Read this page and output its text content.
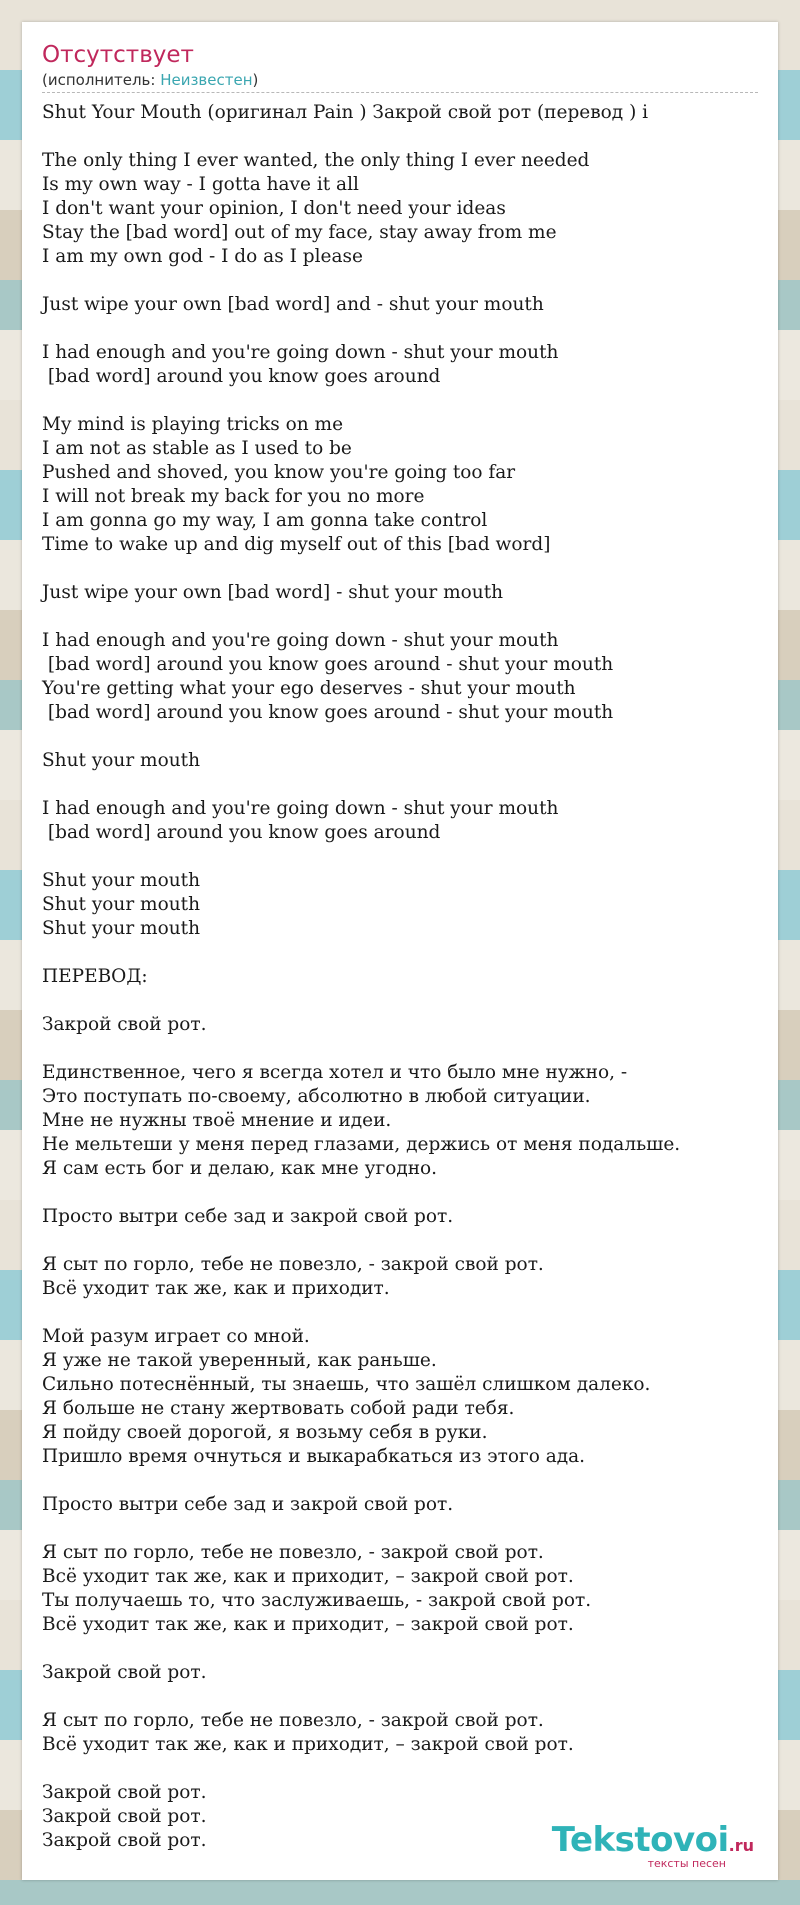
Отсутствует
(исполнитель: Неизвестен)
Shut Your Mouth (оригинал Pain ) Закрой свой рот (перевод ) i

The only thing I ever wanted, the only thing I ever needed
Is my own way - I gotta have it all
I don't want your opinion, I don't need your ideas
Stay the [bad word] out of my face, stay away from me
I am my own god - I do as I please

Just wipe your own [bad word] and - shut your mouth

I had enough and you're going down - shut your mouth
[bad word] around you know goes around

My mind is playing tricks on me
I am not as stable as I used to be
Pushed and shoved, you know you're going too far
I will not break my back for you no more
I am gonna go my way, I am gonna take control
Time to wake up and dig myself out of this [bad word]

Just wipe your own [bad word] - shut your mouth

I had enough and you're going down - shut your mouth
[bad word] around you know goes around - shut your mouth
You're getting what your ego deserves - shut your mouth
[bad word] around you know goes around - shut your mouth

Shut your mouth

I had enough and you're going down - shut your mouth
[bad word] around you know goes around

Shut your mouth
Shut your mouth
Shut your mouth

ПЕРЕВОД:

Закрой свой рот.

Единственное, чего я всегда хотел и что было мне нужно, -
Это поступать по-своему, абсолютно в любой ситуации.
Мне не нужны твоё мнение и идеи.
Не мельтеши у меня перед глазами, держись от меня подальше.
Я сам есть бог и делаю, как мне угодно.

Просто вытри себе зад и закрой свой рот.

Я сыт по горло, тебе не повезло, - закрой свой рот.
Всё уходит так же, как и приходит.

Мой разум играет со мной.
Я уже не такой уверенный, как раньше.
Сильно потеснённый, ты знаешь, что зашёл слишком далеко.
Я больше не стану жертвовать собой ради тебя.
Я пойду своей дорогой, я возьму себя в руки.
Пришло время очнуться и выкарабкаться из этого ада.

Просто вытри себе зад и закрой свой рот.

Я сыт по горло, тебе не повезло, - закрой свой рот.
Всё уходит так же, как и приходит, – закрой свой рот.
Ты получаешь то, что заслуживаешь, - закрой свой рот.
Всё уходит так же, как и приходит, – закрой свой рот.

Закрой свой рот.

Я сыт по горло, тебе не повезло, - закрой свой рот.
Всё уходит так же, как и приходит, – закрой свой рот.

Закрой свой рот.
Закрой свой рот.
Закрой свой рот.	Tekstovoi.ru
тексты песен
